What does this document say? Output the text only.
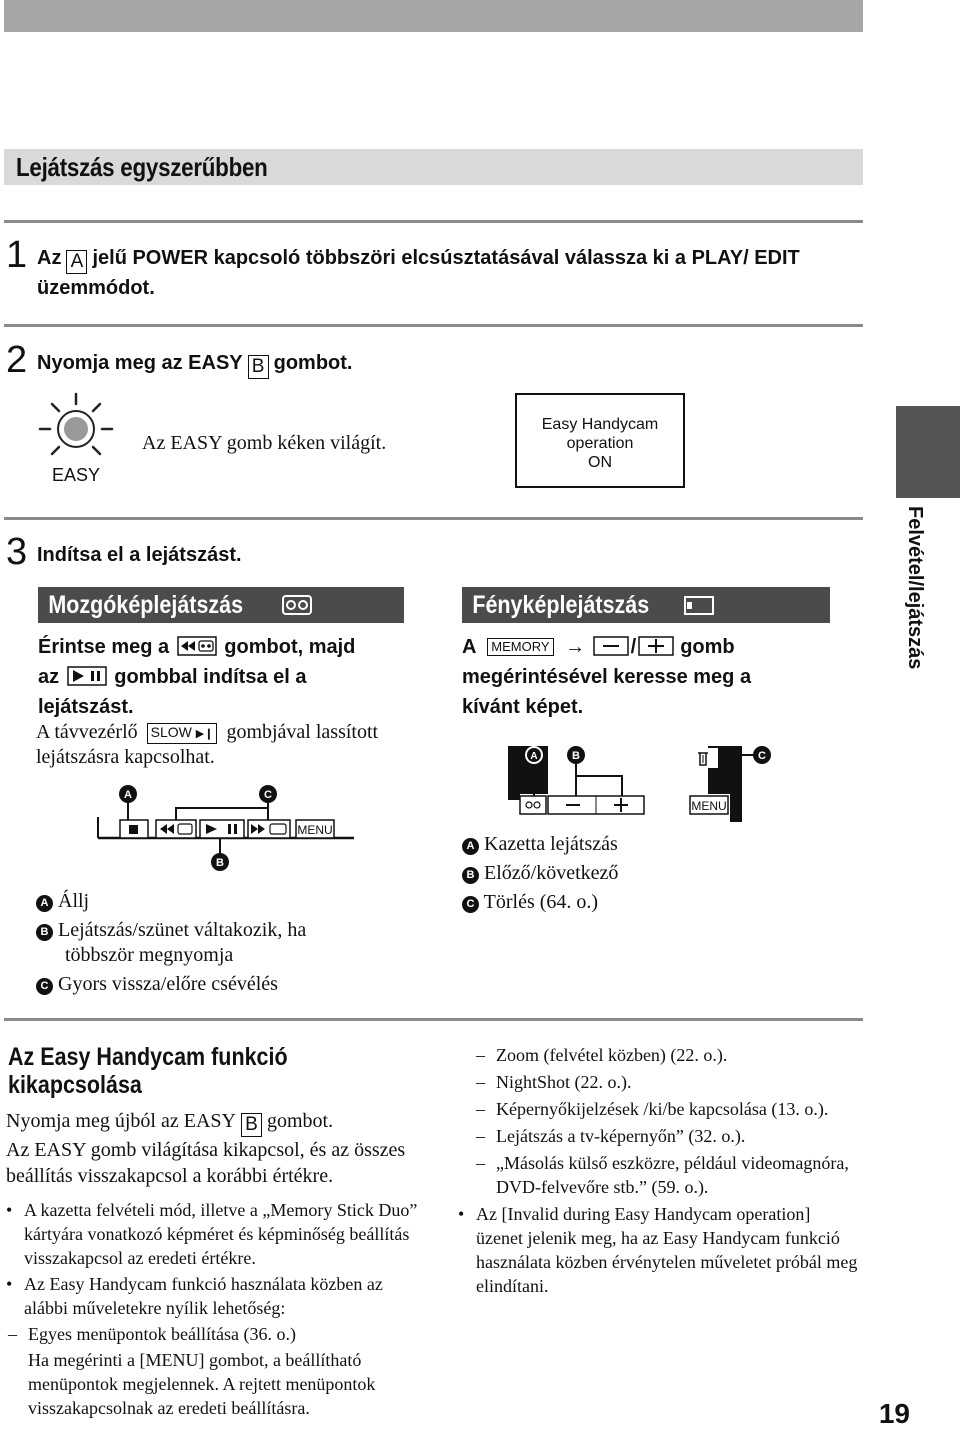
Lejátszás egyszerűbben
1 Az A jelű POWER kapcsoló többszöri elcsúsztatásával válassza ki a PLAY/ EDIT üzemmódot.
2 Nyomja meg az EASY B gombot.
EASY
Az EASY gomb kéken világít.
Easy Handycam
operation
ON
3 Indítsa el a lejátszást.
Mozgóképlejátszás
Érintse meg a	gombot, majd
az	gombbal indítsa el a
lejátszást.
A távvezérlő SLOW ▶︎❙ gombjával lassított
lejátszásra kapcsolhat.
A	C
MENU
B
A Állj
B Lejátszás/szünet váltakozik, ha
többször megnyomja
C Gyors vissza/előre csévélés
Fényképlejátszás
A MEMORY → / gomb
megérintésével keresse meg a
kívánt képet.
A	B	C
MENU
A Kazetta lejátszás
B Előző/következő
C Törlés (64. o.)
Felvétel/lejátszás
Az Easy Handycam funkció
kikapcsolása
Nyomja meg újból az EASY B gombot.
Az EASY gomb világítása kikapcsol, és az összes beállítás visszakapcsol a korábbi értékre.
• A kazetta felvételi mód, illetve a „Memory Stick Duo” kártyára vonatkozó képméret és képminőség beállítás visszakapcsol az eredeti értékre.
• Az Easy Handycam funkció használata közben az alábbi műveletekre nyílik lehetőség:
– Egyes menüpontok beállítása (36. o.)
Ha megérinti a [MENU] gombot, a beállítható menüpontok megjelennek. A rejtett menüpontok visszakapcsolnak az eredeti beállításra.
– Zoom (felvétel közben) (22. o.).
– NightShot (22. o.).
– Képernyőkijelzések /ki/be kapcsolása (13. o.).
– Lejátszás a tv-képernyőn” (32. o.).
– „Másolás külső eszközre, például videomagnóra, DVD-felvevőre stb.” (59. o.).
• Az [Invalid during Easy Handycam operation] üzenet jelenik meg, ha az Easy Handycam funkció használata közben érvénytelen műveletet próbál meg elindítani.
19
